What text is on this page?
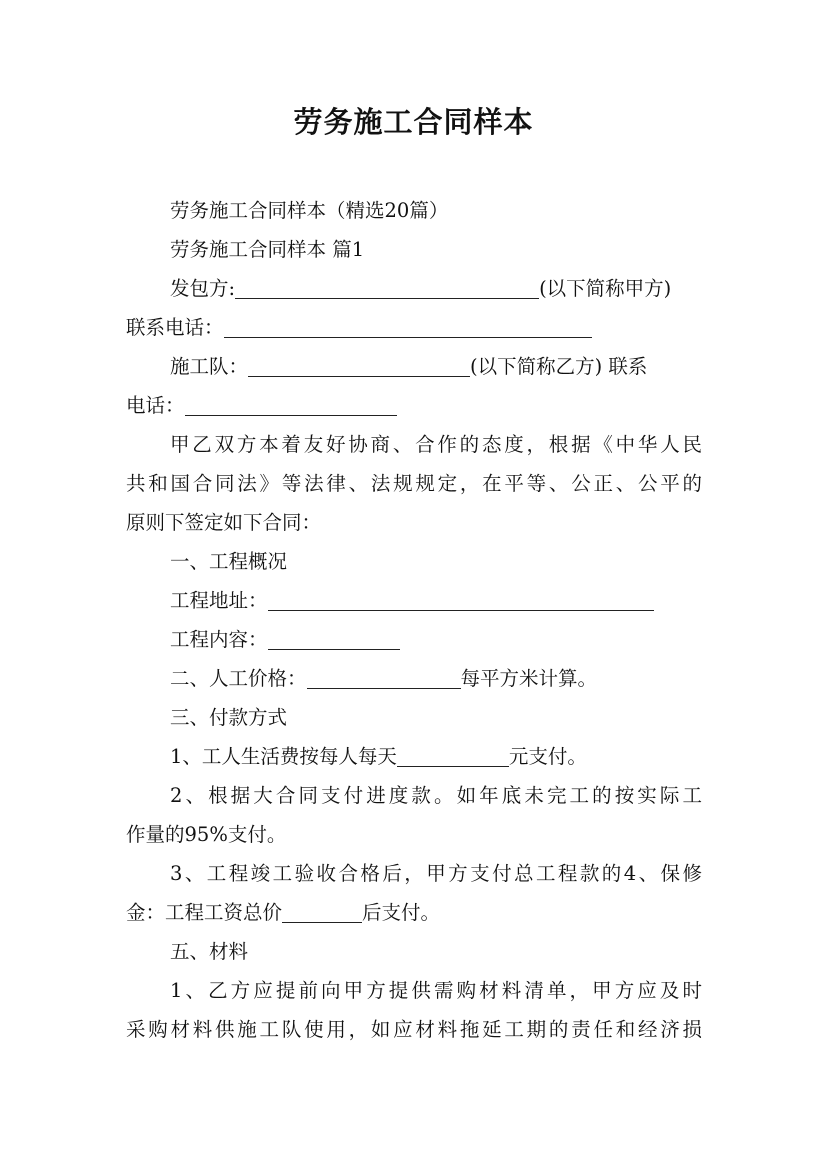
劳务施工合同样本
劳务施工合同样本（精选20篇）
劳务施工合同样本 篇1
发包方:	(以下简称甲方)
联系电话：
施工队：	(以下简称乙方) 联系
电话：
甲乙双方本着友好协商、合作的态度，根据《中华人民
共和国合同法》等法律、法规规定，在平等、公正、公平的
原则下签定如下合同：
一、工程概况
工程地址：
工程内容：
二、人工价格：	每平方米计算。
三、付款方式
1、工人生活费按每人每天	元支付。
2、根据大合同支付进度款。如年底未完工的按实际工
作量的95%支付。
3、工程竣工验收合格后，甲方支付总工程款的4、保修
金：工程工资总价	后支付。
五、材料
1、乙方应提前向甲方提供需购材料清单，甲方应及时
采购材料供施工队使用，如应材料拖延工期的责任和经济损
